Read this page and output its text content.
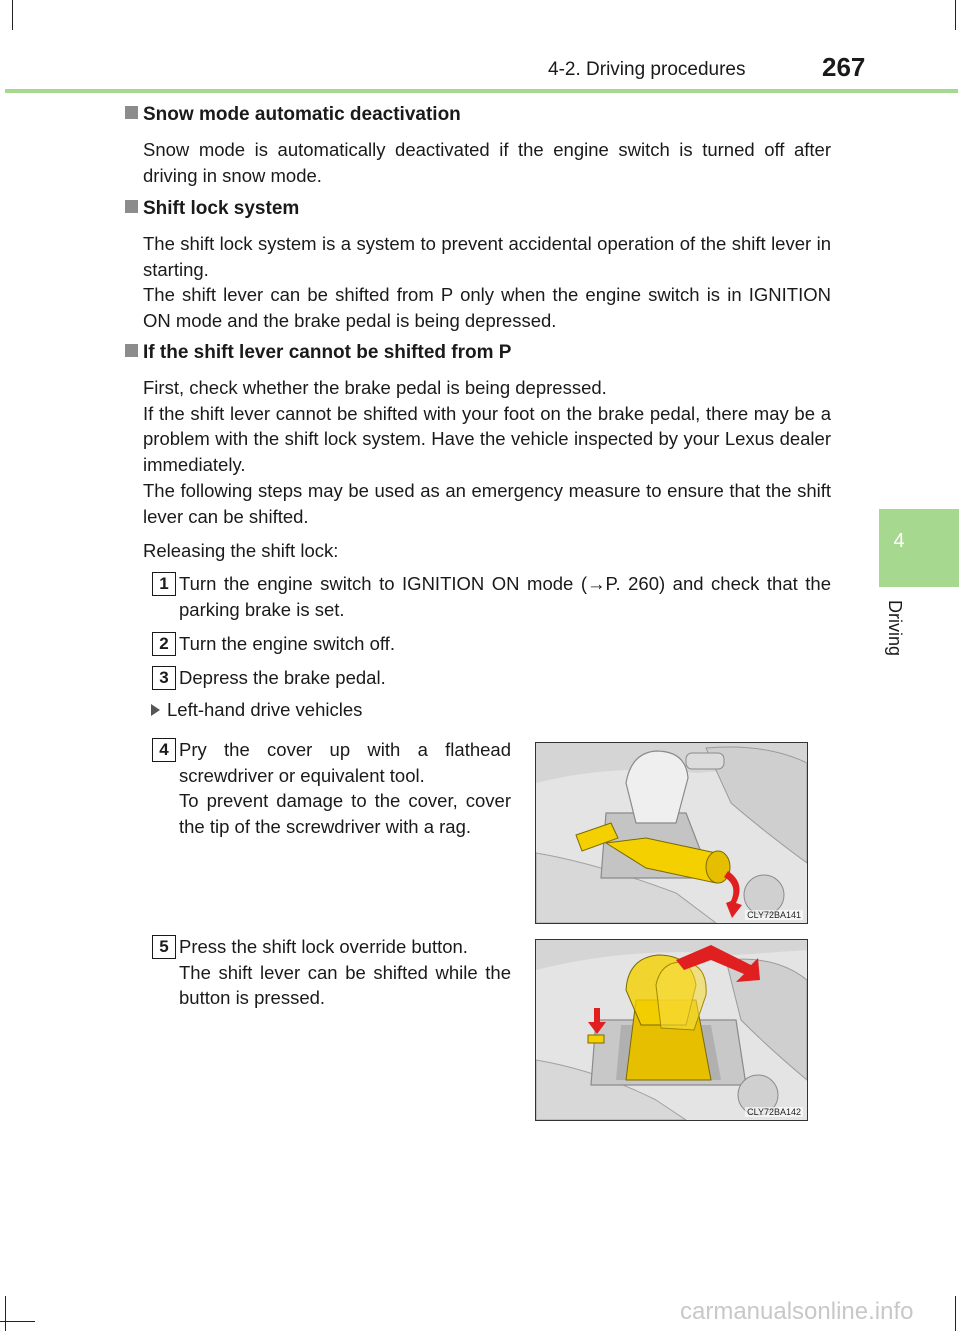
4-2. Driving procedures	267
4
Driving
Snow mode automatic deactivation

Snow mode is automatically deactivated if the engine switch is turned off after driving in snow mode.

Shift lock system

The shift lock system is a system to prevent accidental operation of the shift lever in starting.

The shift lever can be shifted from P only when the engine switch is in IGNITION ON mode and the brake pedal is being depressed.

If the shift lever cannot be shifted from P

First, check whether the brake pedal is being depressed.

If the shift lever cannot be shifted with your foot on the brake pedal, there may be a problem with the shift lock system. Have the vehicle inspected by your Lexus dealer immediately.

The following steps may be used as an emergency measure to ensure that the shift lever can be shifted.

Releasing the shift lock:

1 Turn the engine switch to IGNITION ON mode (→P. 260) and check that the parking brake is set.
2 Turn the engine switch off.
3 Depress the brake pedal.
Left-hand drive vehicles
4 Pry the cover up with a flathead screwdriver or equivalent tool.
To prevent damage to the cover, cover the tip of the screwdriver with a rag.
CLY72BA141
5 Press the shift lock override button.
The shift lever can be shifted while the button is pressed.
CLY72BA142
carmanualsonline.info
